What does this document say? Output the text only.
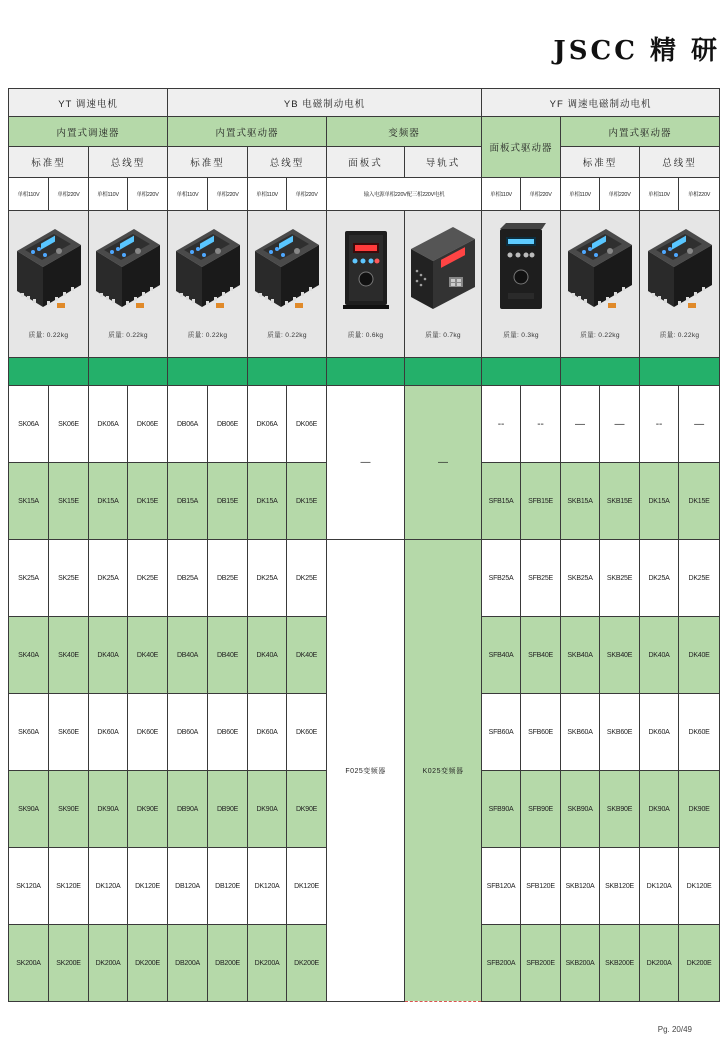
JSCC 精 研
YT 调速电机				YB 电磁制动电机						YF 调速电磁制动电机					
内置式调速器				内置式驱动器				变频器		面板式驱动器		内置式驱动器			
标准型		总线型		标准型		总线型		面板式	导轨式			标准型		总线型	
单相110V	单相220V	单相110V	单相220V	单相110V	单相220V	单相110V	单相220V	输入电源单相220V配三相220V电机		单相110V	单相220V	单相110V	单相220V	单相110V	单相220V

质量: 0.22kg		质量: 0.22kg		质量: 0.22kg		质量: 0.22kg		质量: 0.6kg	质量: 0.7kg	质量: 0.3kg		质量: 0.22kg		质量: 0.22kg	

SK06A	SK06E	DK06A	DK06E	DB06A	DB06E	DK06A	DK06E	—	—	--	--	—	—	--	—
SK15A	SK15E	DK15A	DK15E	DB15A	DB15E	DK15A	DK15E			SFB15A	SFB15E	SKB15A	SKB15E	DK15A	DK15E
SK25A	SK25E	DK25A	DK25E	DB25A	DB25E	DK25A	DK25E	F025变频器	K025变频器	SFB25A	SFB25E	SKB25A	SKB25E	DK25A	DK25E
SK40A	SK40E	DK40A	DK40E	DB40A	DB40E	DK40A	DK40E			SFB40A	SFB40E	SKB40A	SKB40E	DK40A	DK40E
SK60A	SK60E	DK60A	DK60E	DB60A	DB60E	DK60A	DK60E			SFB60A	SFB60E	SKB60A	SKB60E	DK60A	DK60E
SK90A	SK90E	DK90A	DK90E	DB90A	DB90E	DK90A	DK90E			SFB90A	SFB90E	SKB90A	SKB90E	DK90A	DK90E
SK120A	SK120E	DK120A	DK120E	DB120A	DB120E	DK120A	DK120E			SFB120A	SFB120E	SKB120A	SKB120E	DK120A	DK120E
SK200A	SK200E	DK200A	DK200E	DB200A	DB200E	DK200A	DK200E			SFB200A	SFB200E	SKB200A	SKB200E	DK200A	DK200E
Pg. 20/49
